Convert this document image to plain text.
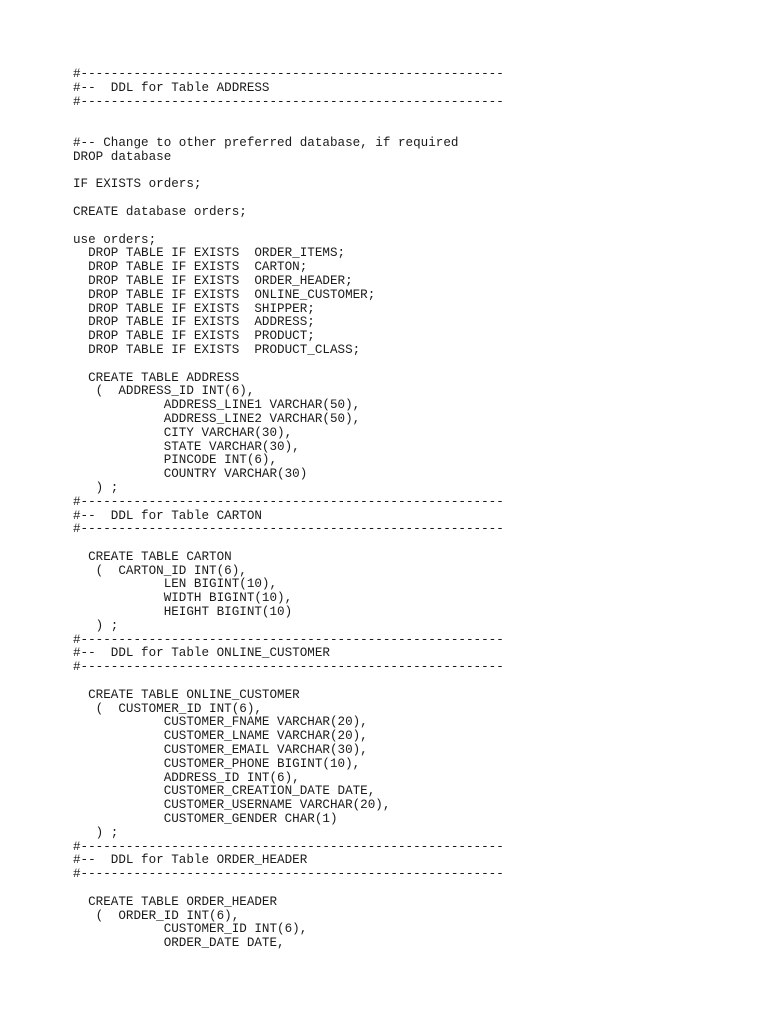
#--------------------------------------------------------
#--  DDL for Table ADDRESS
#--------------------------------------------------------
#-- Change to other preferred database, if required
DROP database
IF EXISTS orders;
CREATE database orders;
use orders;
DROP TABLE IF EXISTS  ORDER_ITEMS;
DROP TABLE IF EXISTS  CARTON;
DROP TABLE IF EXISTS  ORDER_HEADER;
DROP TABLE IF EXISTS  ONLINE_CUSTOMER;
DROP TABLE IF EXISTS  SHIPPER;
DROP TABLE IF EXISTS  ADDRESS;
DROP TABLE IF EXISTS  PRODUCT;
DROP TABLE IF EXISTS  PRODUCT_CLASS;
CREATE TABLE ADDRESS
(  ADDRESS_ID INT(6),
ADDRESS_LINE1 VARCHAR(50),
ADDRESS_LINE2 VARCHAR(50),
CITY VARCHAR(30),
STATE VARCHAR(30),
PINCODE INT(6),
COUNTRY VARCHAR(30)
) ;
#--------------------------------------------------------
#--  DDL for Table CARTON
#--------------------------------------------------------
CREATE TABLE CARTON
(  CARTON_ID INT(6),
LEN BIGINT(10),
WIDTH BIGINT(10),
HEIGHT BIGINT(10)
) ;
#--------------------------------------------------------
#--  DDL for Table ONLINE_CUSTOMER
#--------------------------------------------------------
CREATE TABLE ONLINE_CUSTOMER
(  CUSTOMER_ID INT(6),
CUSTOMER_FNAME VARCHAR(20),
CUSTOMER_LNAME VARCHAR(20),
CUSTOMER_EMAIL VARCHAR(30),
CUSTOMER_PHONE BIGINT(10),
ADDRESS_ID INT(6),
CUSTOMER_CREATION_DATE DATE,
CUSTOMER_USERNAME VARCHAR(20),
CUSTOMER_GENDER CHAR(1)
) ;
#--------------------------------------------------------
#--  DDL for Table ORDER_HEADER
#--------------------------------------------------------
CREATE TABLE ORDER_HEADER
(  ORDER_ID INT(6),
CUSTOMER_ID INT(6),
ORDER_DATE DATE,
